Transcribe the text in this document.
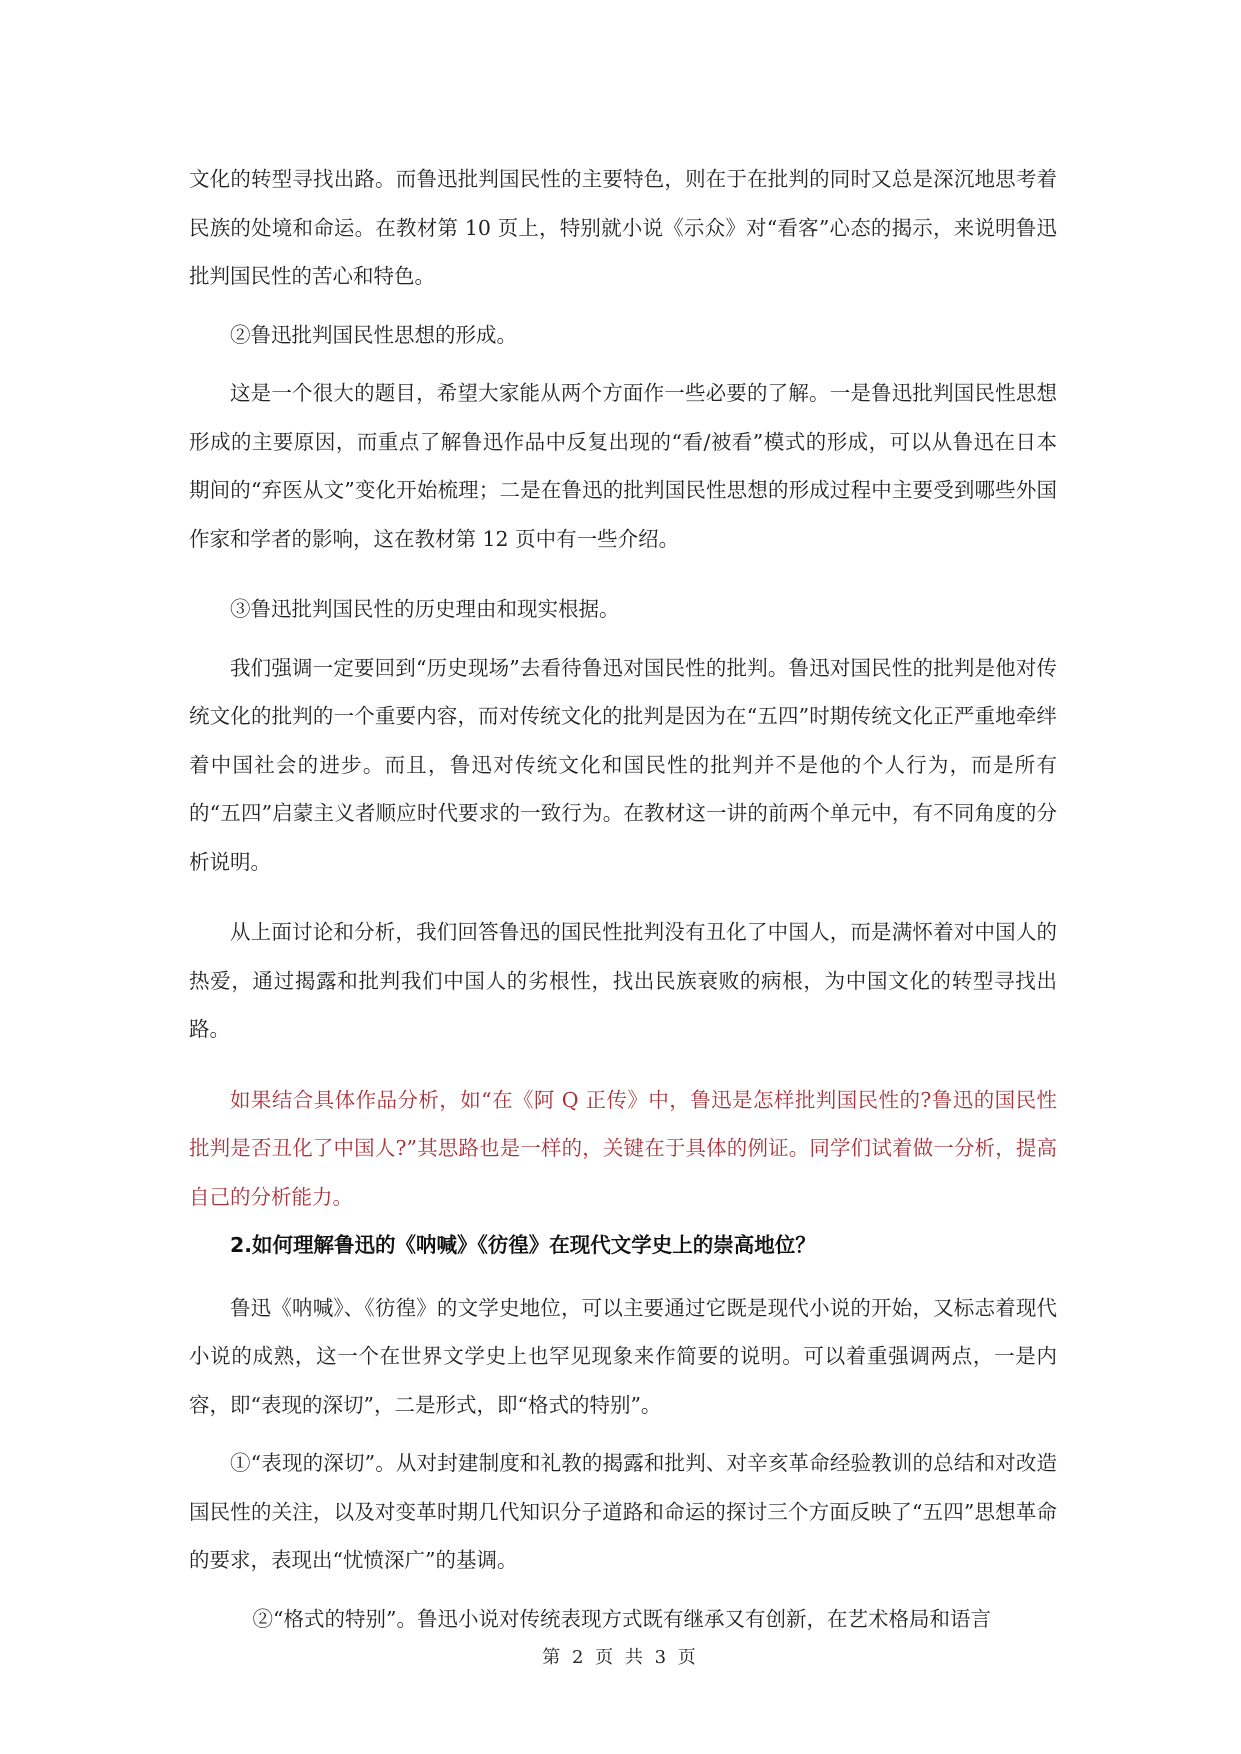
文化的转型寻找出路。而鲁迅批判国民性的主要特色，则在于在批判的同时又总是深沉地思考着民族的处境和命运。在教材第 10 页上，特别就小说《示众》对“看客”心态的揭示，来说明鲁迅批判国民性的苦心和特色。

②鲁迅批判国民性思想的形成。

这是一个很大的题目，希望大家能从两个方面作一些必要的了解。一是鲁迅批判国民性思想形成的主要原因，而重点了解鲁迅作品中反复出现的“看/被看”模式的形成，可以从鲁迅在日本期间的“弃医从文”变化开始梳理；二是在鲁迅的批判国民性思想的形成过程中主要受到哪些外国作家和学者的影响，这在教材第 12 页中有一些介绍。

③鲁迅批判国民性的历史理由和现实根据。

我们强调一定要回到“历史现场”去看待鲁迅对国民性的批判。鲁迅对国民性的批判是他对传统文化的批判的一个重要内容，而对传统文化的批判是因为在“五四”时期传统文化正严重地牵绊着中国社会的进步。而且，鲁迅对传统文化和国民性的批判并不是他的个人行为，而是所有的“五四”启蒙主义者顺应时代要求的一致行为。在教材这一讲的前两个单元中，有不同角度的分析说明。

从上面讨论和分析，我们回答鲁迅的国民性批判没有丑化了中国人，而是满怀着对中国人的热爱，通过揭露和批判我们中国人的劣根性，找出民族衰败的病根，为中国文化的转型寻找出路。

如果结合具体作品分析，如“在《阿 Q 正传》中，鲁迅是怎样批判国民性的?鲁迅的国民性批判是否丑化了中国人?”其思路也是一样的，关键在于具体的例证。同学们试着做一分析，提高自己的分析能力。

2.如何理解鲁迅的《呐喊》《彷徨》在现代文学史上的崇高地位？

鲁迅《呐喊》、《彷徨》的文学史地位，可以主要通过它既是现代小说的开始，又标志着现代小说的成熟，这一个在世界文学史上也罕见现象来作简要的说明。可以着重强调两点，一是内容，即“表现的深切”，二是形式，即“格式的特别”。

①“表现的深切”。从对封建制度和礼教的揭露和批判、对辛亥革命经验教训的总结和对改造国民性的关注，以及对变革时期几代知识分子道路和命运的探讨三个方面反映了“五四”思想革命的要求，表现出“忧愤深广”的基调。

②“格式的特别”。鲁迅小说对传统表现方式既有继承又有创新，在艺术格局和语言

第 2 页 共 3 页
